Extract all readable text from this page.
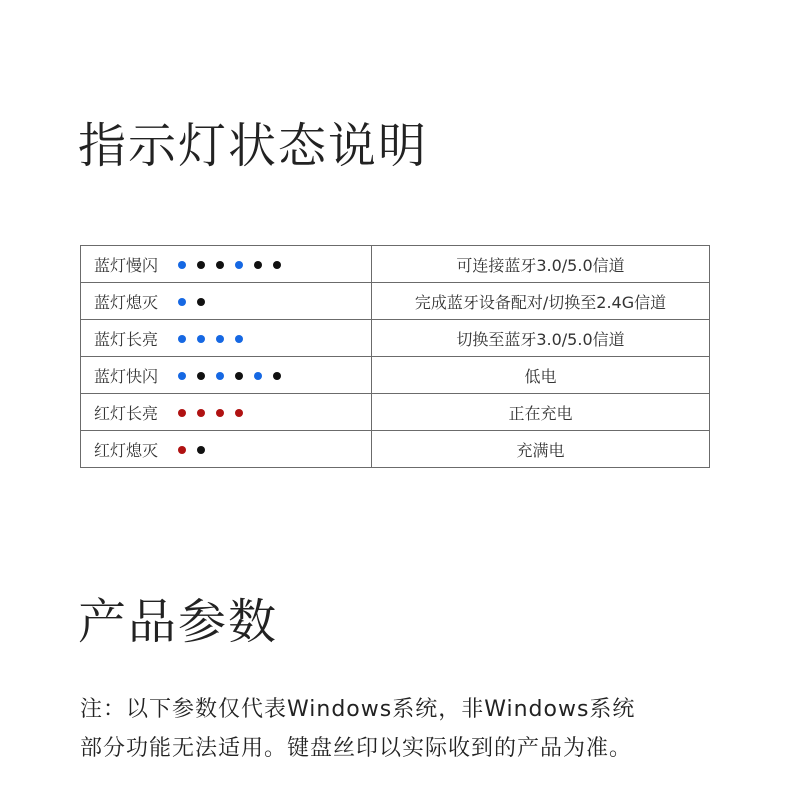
指示灯状态说明
蓝灯慢闪	可连接蓝牙3.0/5.0信道
蓝灯熄灭	完成蓝牙设备配对/切换至2.4G信道
蓝灯长亮	切换至蓝牙3.0/5.0信道
蓝灯快闪	低电
红灯长亮	正在充电
红灯熄灭	充满电
产品参数

注：以下参数仅代表Windows系统，非Windows系统
部分功能无法适用。键盘丝印以实际收到的产品为准。
